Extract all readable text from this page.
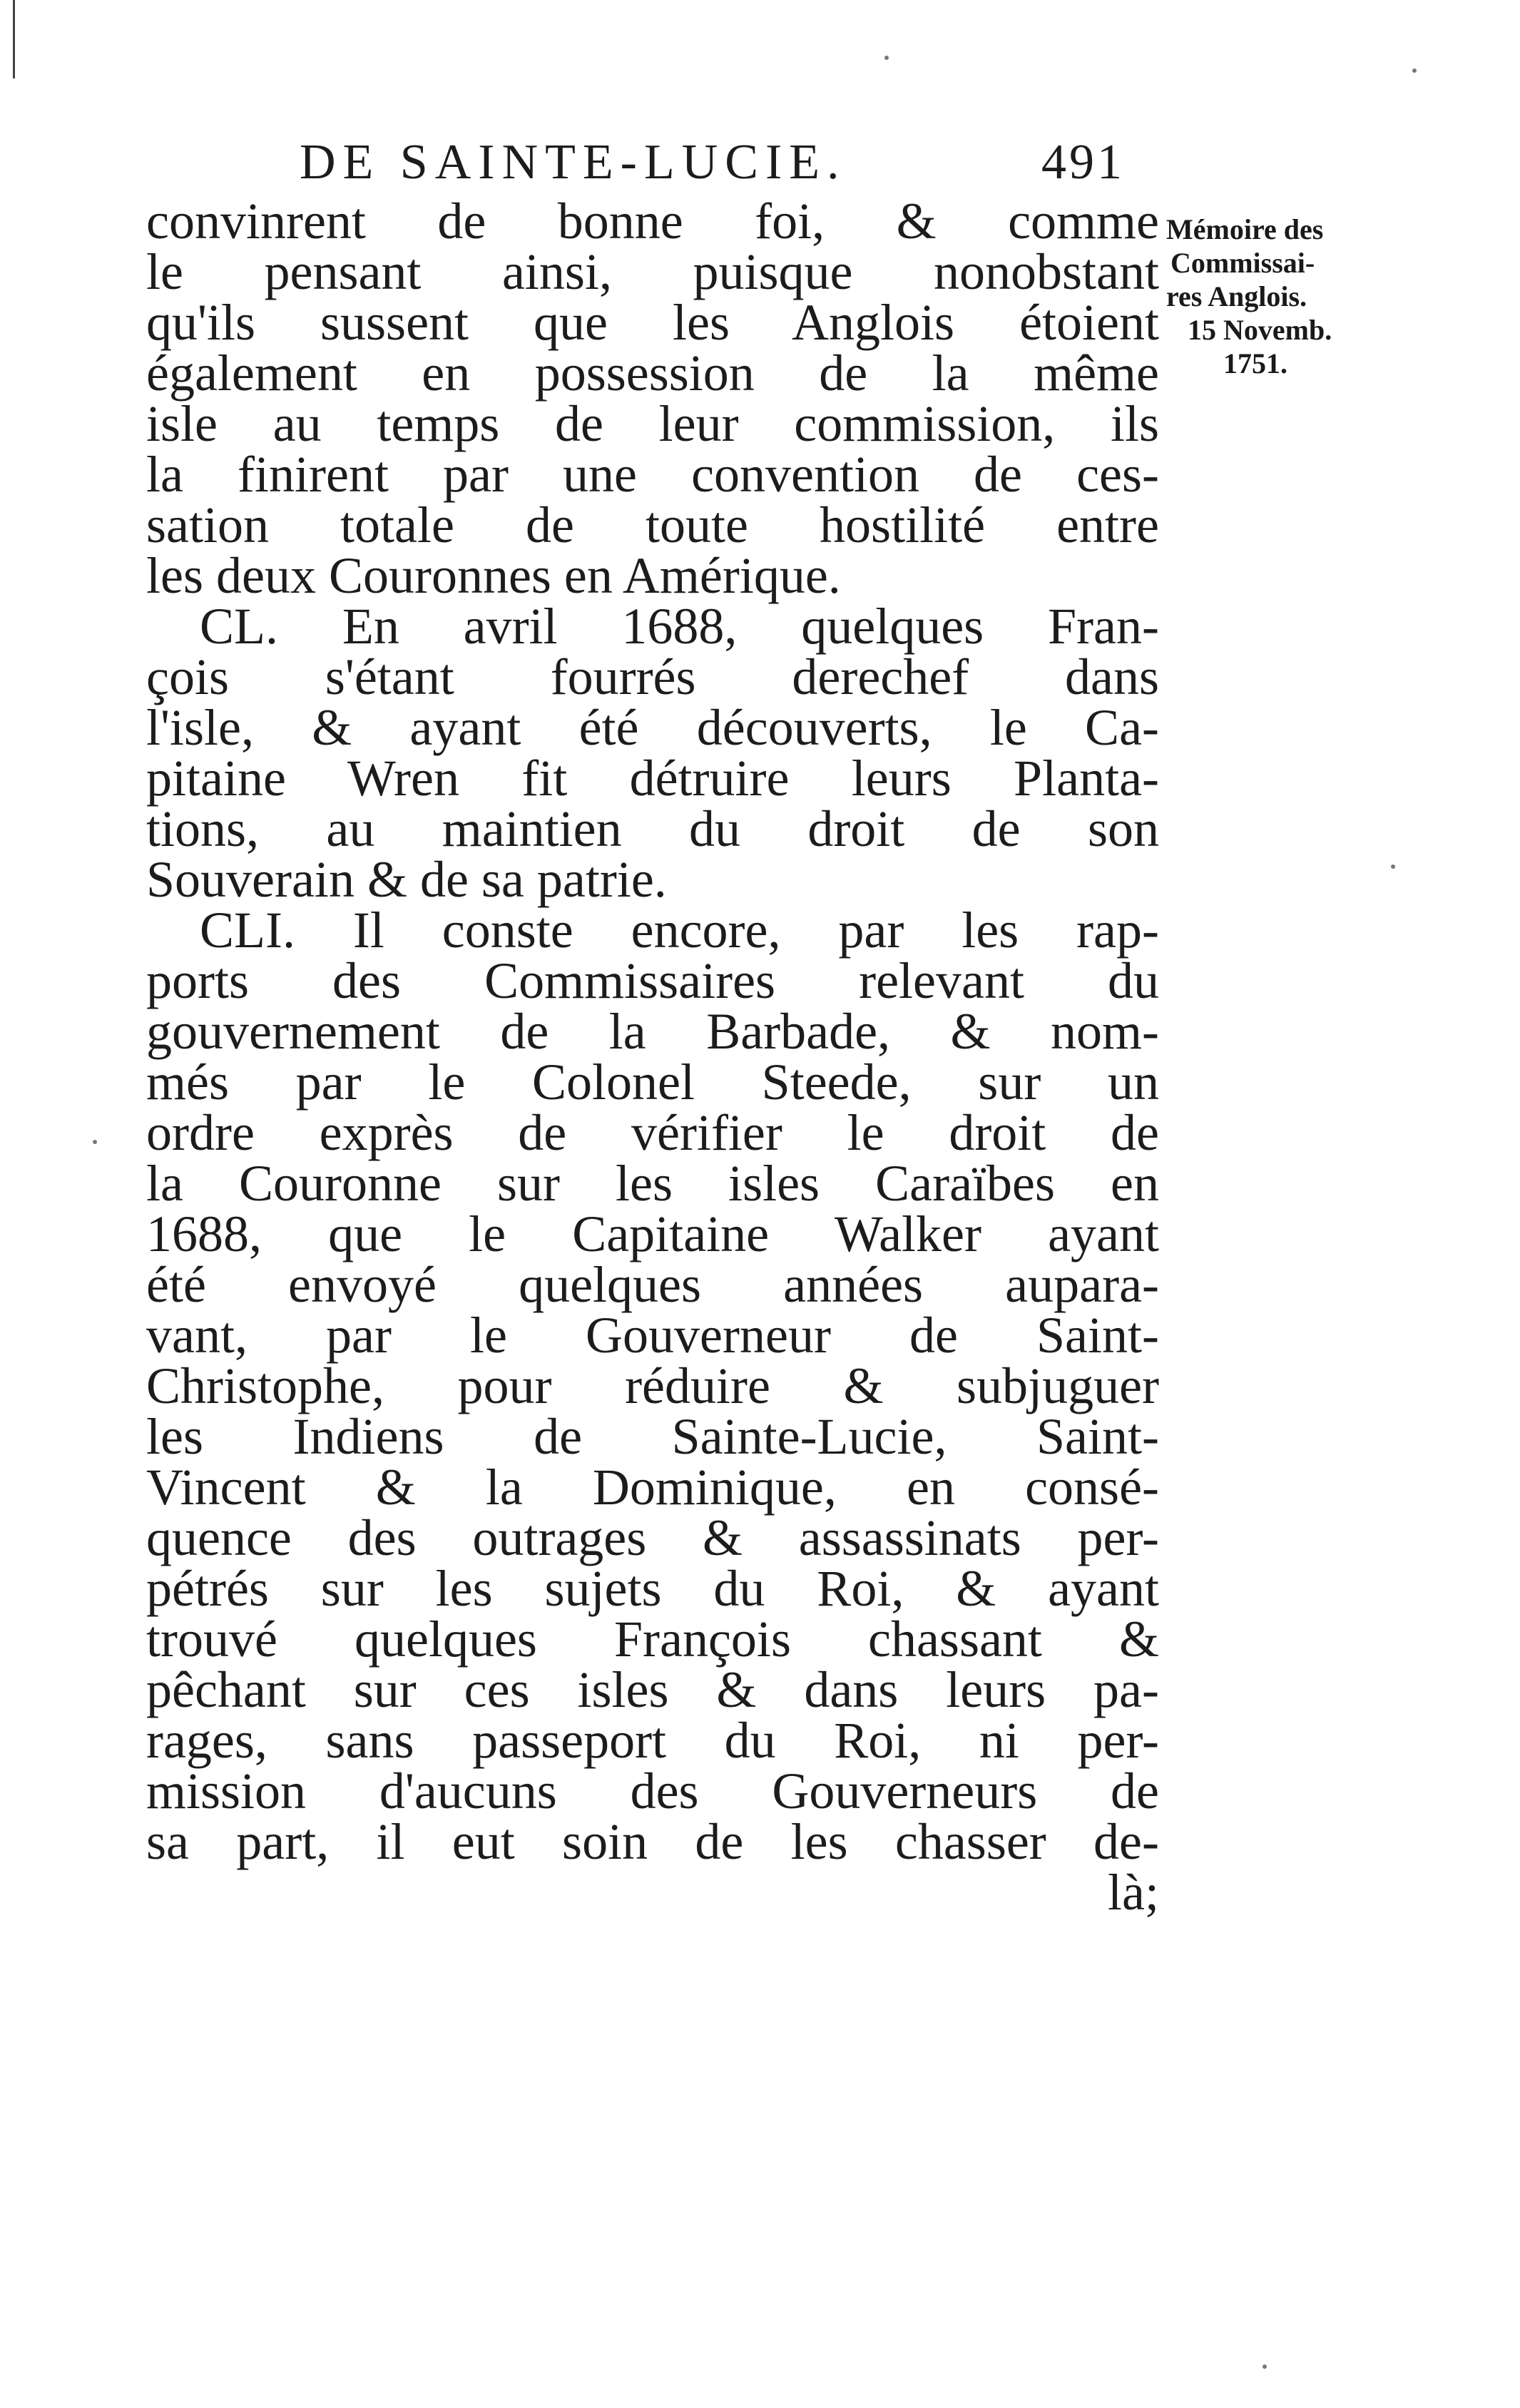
DE SAINTE-LUCIE.	491
convinrent de bonne foi, & comme
le pensant ainsi, puisque nonobstant
qu'ils sussent que les Anglois étoient
également en possession de la même
isle au temps de leur commission, ils
la finirent par une convention de ces-
sation totale de toute hostilité entre
les deux Couronnes en Amérique.
CL. En avril 1688, quelques Fran-
çois s'étant fourrés derechef dans
l'isle, & ayant été découverts, le Ca-
pitaine Wren fit détruire leurs Planta-
tions, au maintien du droit de son
Souverain & de sa patrie.
CLI. Il conste encore, par les rap-
ports des Commissaires relevant du
gouvernement de la Barbade, & nom-
més par le Colonel Steede, sur un
ordre exprès de vérifier le droit de
la Couronne sur les isles Caraïbes en
1688, que le Capitaine Walker ayant
été envoyé quelques années aupara-
vant, par le Gouverneur de Saint-
Christophe, pour réduire & subjuguer
les Indiens de Sainte-Lucie, Saint-
Vincent & la Dominique, en consé-
quence des outrages & assassinats per-
pétrés sur les sujets du Roi, & ayant
trouvé quelques François chassant &
pêchant sur ces isles & dans leurs pa-
rages, sans passeport du Roi, ni per-
mission d'aucuns des Gouverneurs de
sa part, il eut soin de les chasser de-
là;
Mémoire des
Commissai-
res Anglois.
15 Novemb.
1751.
